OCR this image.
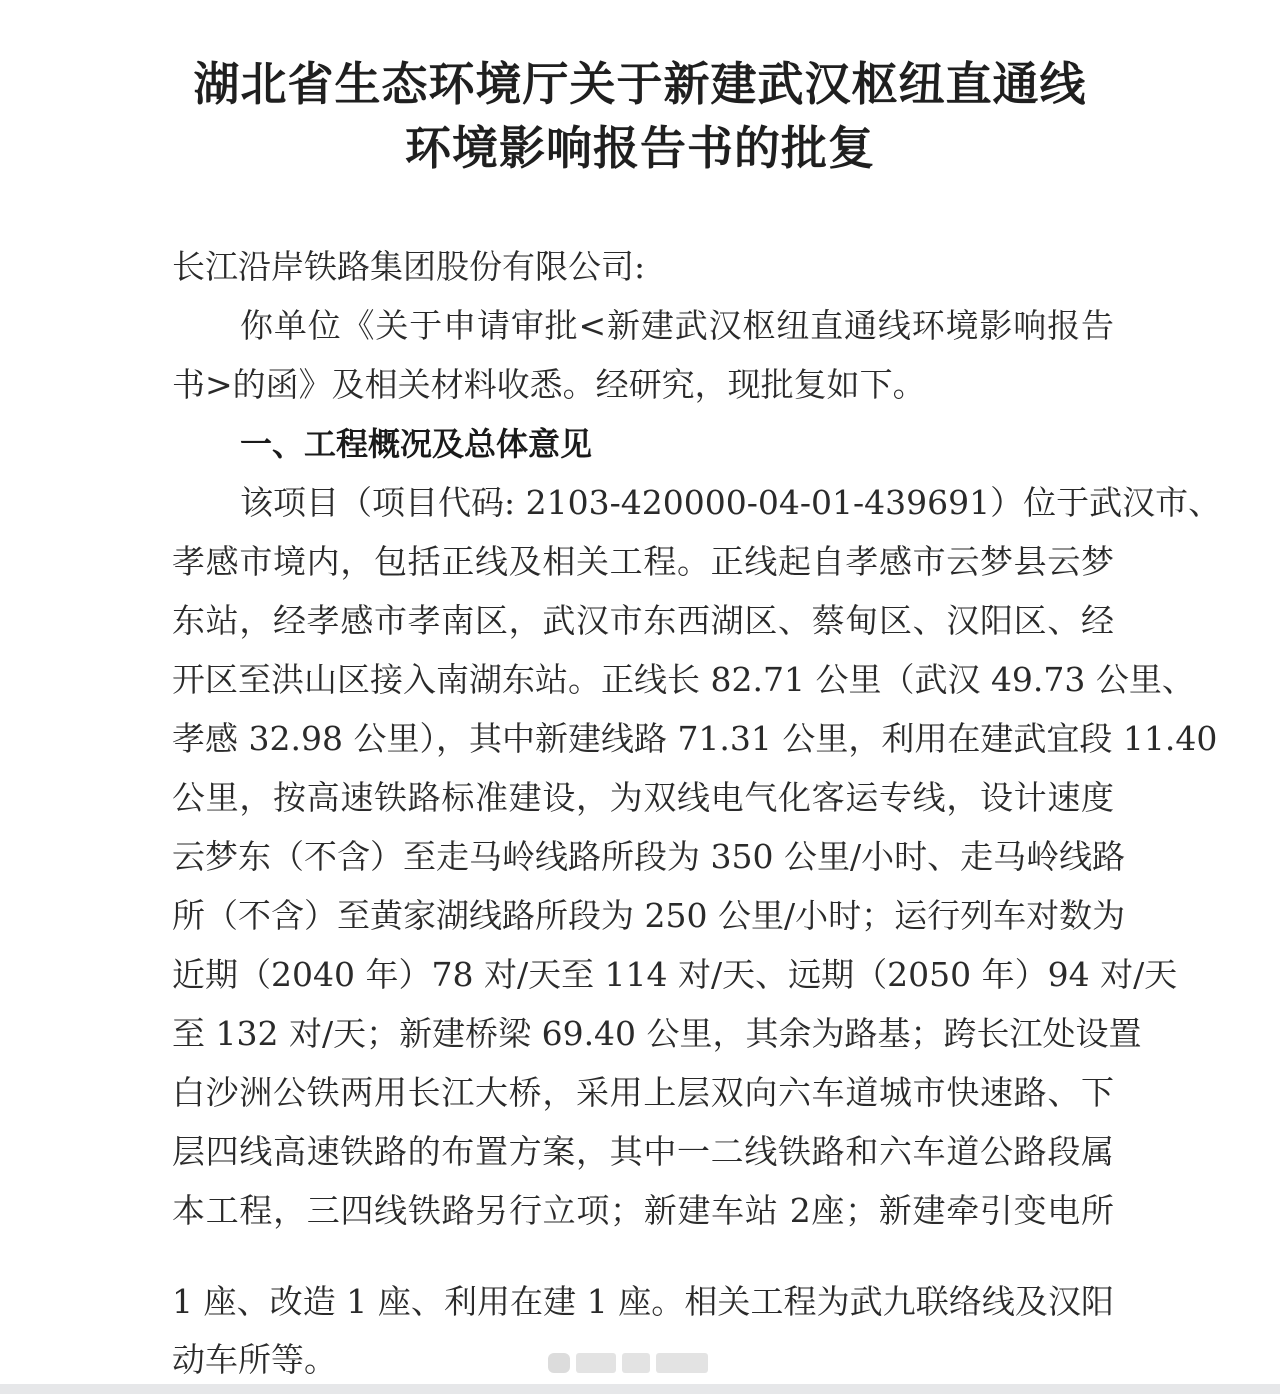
湖北省生态环境厅关于新建武汉枢纽直通线
环境影响报告书的批复
长江沿岸铁路集团股份有限公司:
你单位《关于申请审批<新建武汉枢纽直通线环境影响报告
书>的函》及相关材料收悉。经研究，现批复如下。
一、工程概况及总体意见
该项目（项目代码: 2103-420000-04-01-439691）位于武汉市、
孝感市境内，包括正线及相关工程。正线起自孝感市云梦县云梦
东站，经孝感市孝南区，武汉市东西湖区、蔡甸区、汉阳区、经
开区至洪山区接入南湖东站。正线长 82.71 公里（武汉 49.73 公里、
孝感 32.98 公里），其中新建线路 71.31 公里，利用在建武宜段 11.40
公里，按高速铁路标准建设，为双线电气化客运专线，设计速度
云梦东（不含）至走马岭线路所段为 350 公里/小时、走马岭线路
所（不含）至黄家湖线路所段为 250 公里/小时；运行列车对数为
近期（2040 年）78 对/天至 114 对/天、远期（2050 年）94 对/天
至 132 对/天；新建桥梁 69.40 公里，其余为路基；跨长江处设置
白沙洲公铁两用长江大桥，采用上层双向六车道城市快速路、下
层四线高速铁路的布置方案，其中一二线铁路和六车道公路段属
本工程，三四线铁路另行立项；新建车站 2座；新建牵引变电所
1 座、改造 1 座、利用在建 1 座。相关工程为武九联络线及汉阳
动车所等。
